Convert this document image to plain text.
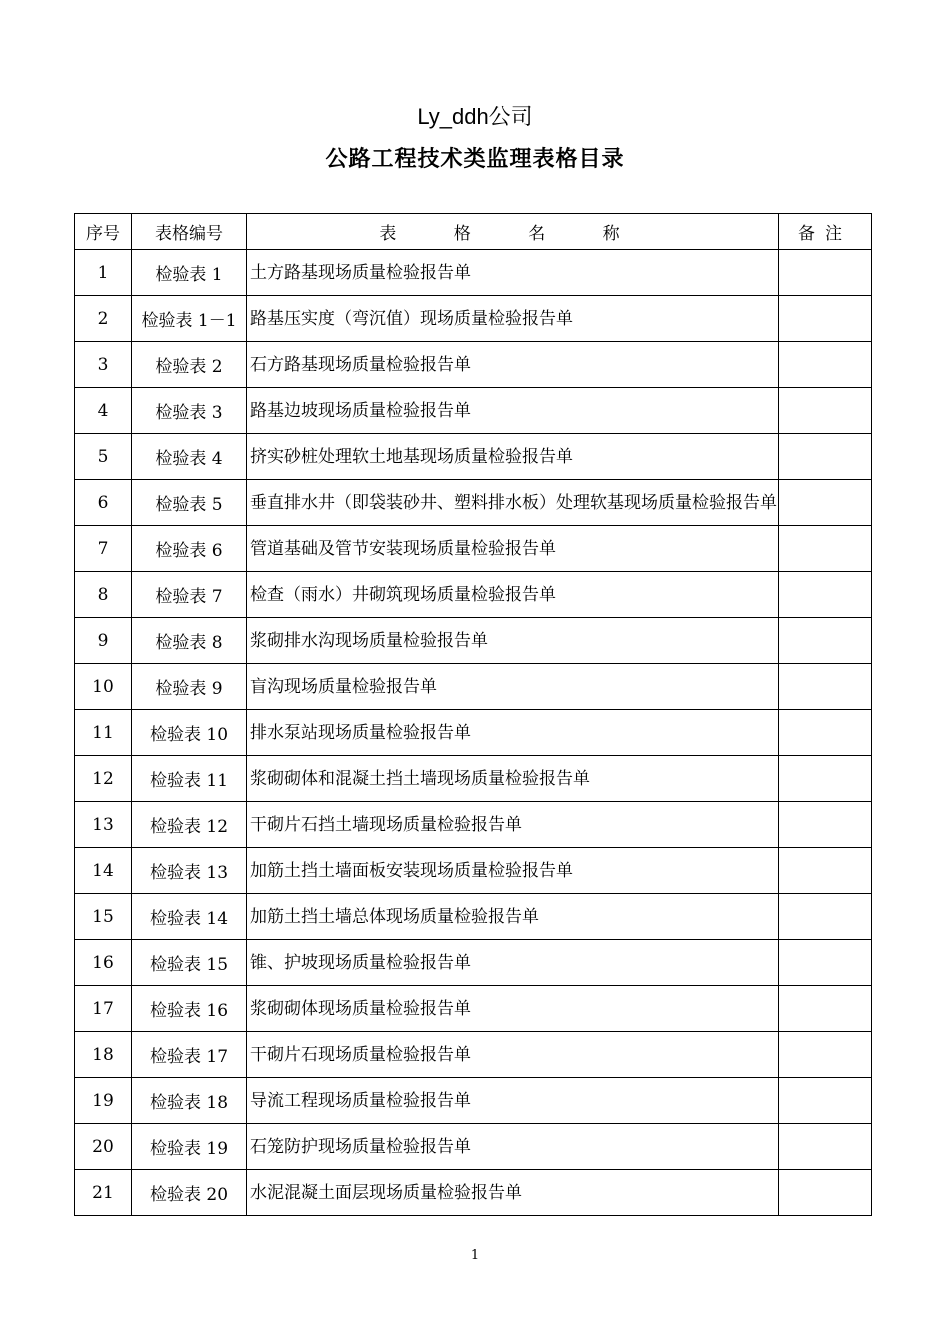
Ly_ddh公司
公路工程技术类监理表格目录
序号	表格编号	表 格 名 称	备注
1	检验表 1	土方路基现场质量检验报告单	
2	检验表 1－1	路基压实度（弯沉值）现场质量检验报告单	
3	检验表 2	石方路基现场质量检验报告单	
4	检验表 3	路基边坡现场质量检验报告单	
5	检验表 4	挤实砂桩处理软土地基现场质量检验报告单	
6	检验表 5	垂直排水井（即袋装砂井、塑料排水板）处理软基现场质量检验报告单	
7	检验表 6	管道基础及管节安装现场质量检验报告单	
8	检验表 7	检查（雨水）井砌筑现场质量检验报告单	
9	检验表 8	浆砌排水沟现场质量检验报告单	
10	检验表 9	盲沟现场质量检验报告单	
11	检验表 10	排水泵站现场质量检验报告单	
12	检验表 11	浆砌砌体和混凝土挡土墙现场质量检验报告单	
13	检验表 12	干砌片石挡土墙现场质量检验报告单	
14	检验表 13	加筋土挡土墙面板安装现场质量检验报告单	
15	检验表 14	加筋土挡土墙总体现场质量检验报告单	
16	检验表 15	锥、护坡现场质量检验报告单	
17	检验表 16	浆砌砌体现场质量检验报告单	
18	检验表 17	干砌片石现场质量检验报告单	
19	检验表 18	导流工程现场质量检验报告单	
20	检验表 19	石笼防护现场质量检验报告单	
21	检验表 20	水泥混凝土面层现场质量检验报告单	
1
